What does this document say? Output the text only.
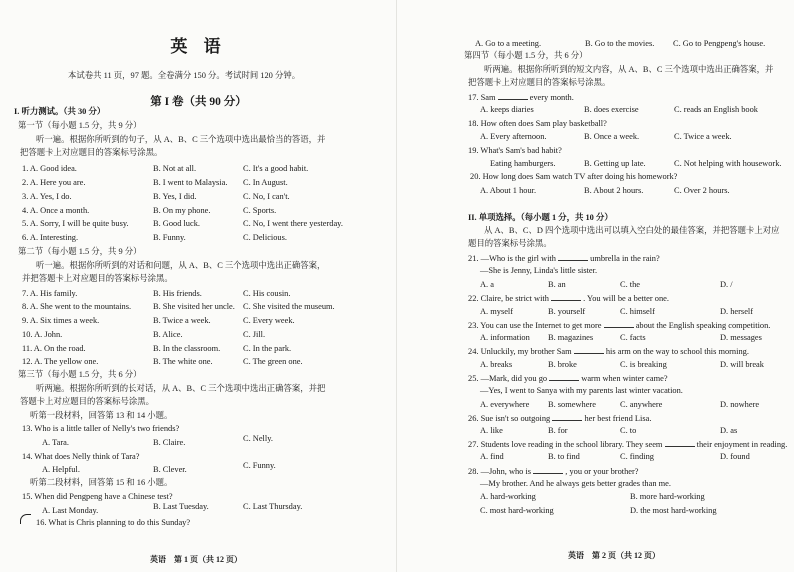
英 语
本试卷共 11 页，97 题。全卷满分 150 分。考试时间 120 分钟。
第 I 卷（共 90 分）
I. 听力测试。（共 30 分）
第一节（每小题 1.5 分，共 9 分）
听一遍。根据你所听到的句子，从 A、B、C 三个选项中选出最恰当的答语，并
把答题卡上对应题目的答案标号涂黑。
1. A. Good idea.	B. Not at all.	C. It's a good habit.
2. A. Here you are.	B. I went to Malaysia. C. In August.
3. A. Yes, I do.	B. Yes, I did.	C. No, I can't.
4. A. Once a month.	B. On my phone.	C. Sports.
5. A. Sorry, I will be quite busy.	B. Good luck.	C. No, I went there yesterday.
6. A. Interesting.	B. Funny.	C. Delicious.
第二节（每小题 1.5 分，共 9 分）
听一遍。根据你所听到的对话和问题，从 A、B、C 三个选项中选出正确答案，
并把答题卡上对应题目的答案标号涂黑。
7. A. His family.	B. His friends.	C. His cousin.
8. A. She went to the mountains.	B. She visited her uncle. C. She visited the museum.
9. A. Six times a week.	B. Twice a week.	C. Every week.
10. A. John.	B. Alice.	C. Jill.
11. A. On the road.	B. In the classroom.	C. In the park.
12. A. The yellow one.	B. The white one.	C. The green one.
第三节（每小题 1.5 分，共 6 分）
听两遍。根据你所听到的长对话，从 A、B、C 三个选项中选出正确答案，并把
答题卡上对应题目的答案标号涂黑。
听第一段材料，回答第 13 和 14 小题。
13. Who is a little taller of Nelly's two friends?
A. Tara.	B. Claire.	C. Nelly.
14. What does Nelly think of Tara?
A. Helpful.	B. Clever.	C. Funny.
听第二段材料，回答第 15 和 16 小题。
15. When did Pengpeng have a Chinese test?
A. Last Monday.	B. Last Tuesday.	C. Last Thursday.
16. What is Chris planning to do this Sunday?
英语　第 1 页（共 12 页）
A. Go to a meeting.	B. Go to the movies. C. Go to Pengpeng's house.
第四节（每小题 1.5 分，共 6 分）
听两遍。根据你所听到的短文内容，从 A、B、C 三个选项中选出正确答案，并
把答题卡上对应题目的答案标号涂黑。
17. Sam	every month.
A. keeps diaries	B. does exercise	C. reads an English book
18. How often does Sam play basketball?
A. Every afternoon.	B. Once a week.	C. Twice a week.
19. What's Sam's bad habit?
Eating hamburgers.	B. Getting up late.	C. Not helping with housework.
20. How long does Sam watch TV after doing his homework?
A. About 1 hour.	B. About 2 hours.	C. Over 2 hours.
II. 单项选择。（每小题 1 分，共 10 分）
从 A、B、C、D 四个选项中选出可以填入空白处的最佳答案，并把答题卡上对应
题目的答案标号涂黑。
21. —Who is the girl with	umbrella in the rain?
—She is Jenny, Linda's little sister.
A. a	B. an	C. the	D. /
22. Claire, be strict with	. You will be a better one.
A. myself	B. yourself	C. himself	D. herself
23. You can use the Internet to get more	about the English speaking competition.
A. information B. magazines	C. facts	D. messages
24. Unluckily, my brother Sam	his arm on the way to school this morning.
A. breaks	B. broke	C. is breaking	D. will break
25. —Mark, did you go	warm when winter came?
—Yes, I went to Sanya with my parents last winter vacation.
A. everywhere B. somewhere	C. anywhere	D. nowhere
26. Sue isn't so outgoing	her best friend Lisa.
A. like	B. for	C. to	D. as
27. Students love reading in the school library. They seem	their enjoyment in reading.
A. find	B. to find	C. finding	D. found
28. —John, who is	, you or your brother?
—My brother. And he always gets better grades than me.
A. hard-working	B. more hard-working
C. most hard-working	D. the most hard-working
英语　第 2 页（共 12 页）
